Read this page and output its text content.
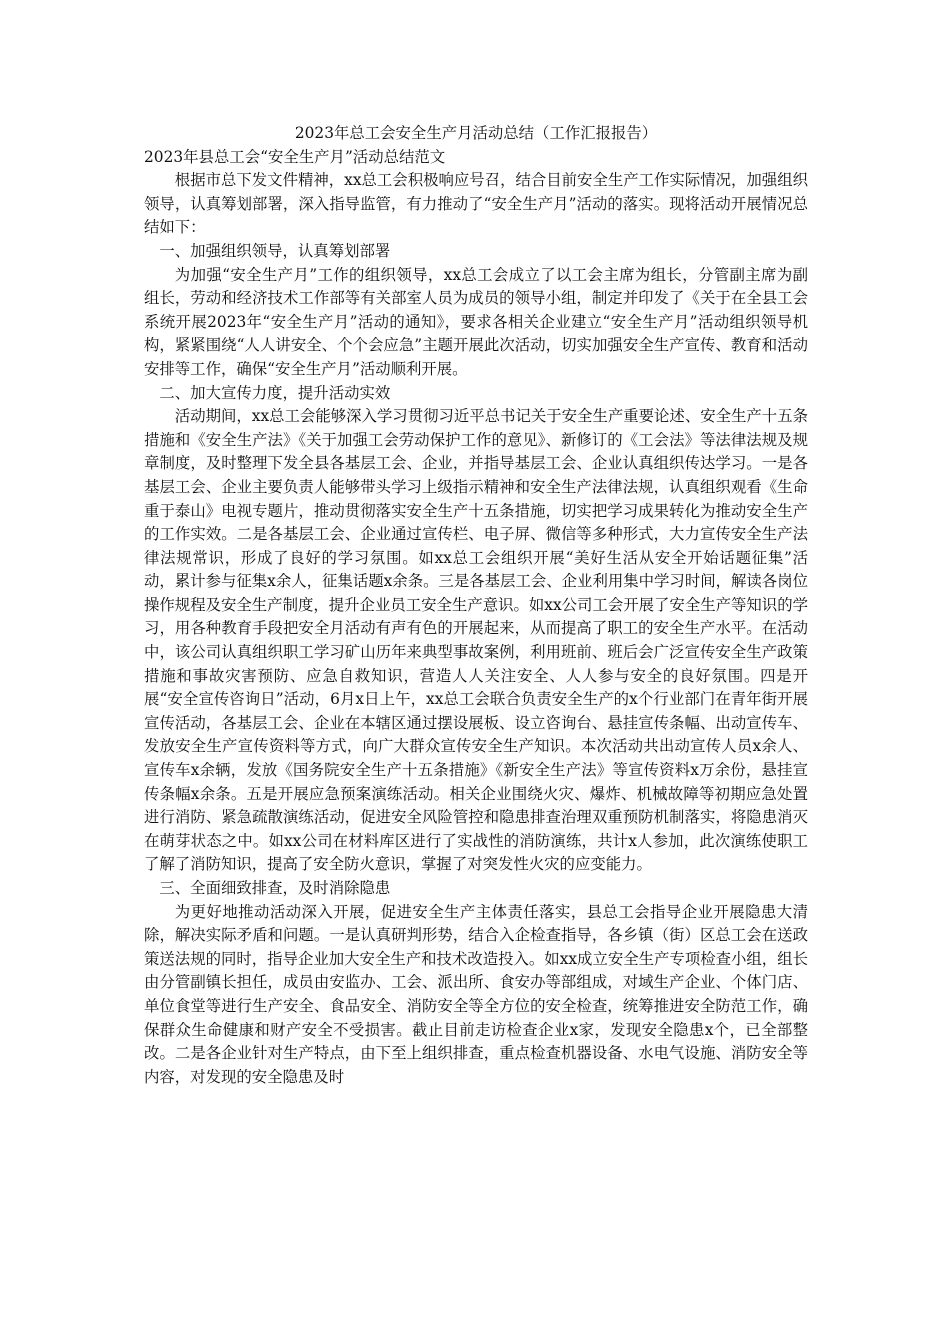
2023年总工会安全生产月活动总结（工作汇报报告）
2023年县总工会“安全生产月”活动总结范文

根据市总下发文件精神，xx总工会积极响应号召，结合目前安全生产工作实际情况，加强组织领导，认真筹划部署，深入指导监管，有力推动了“安全生产月”活动的落实。现将活动开展情况总结如下：

一、加强组织领导，认真筹划部署

为加强“安全生产月”工作的组织领导，xx总工会成立了以工会主席为组长，分管副主席为副组长，劳动和经济技术工作部等有关部室人员为成员的领导小组，制定并印发了《关于在全县工会系统开展2023年“安全生产月”活动的通知》，要求各相关企业建立“安全生产月”活动组织领导机构，紧紧围绕“人人讲安全、个个会应急”主题开展此次活动，切实加强安全生产宣传、教育和活动安排等工作，确保“安全生产月”活动顺利开展。

二、加大宣传力度，提升活动实效

活动期间，xx总工会能够深入学习贯彻习近平总书记关于安全生产重要论述、安全生产十五条措施和《安全生产法》《关于加强工会劳动保护工作的意见》、新修订的《工会法》等法律法规及规章制度，及时整理下发全县各基层工会、企业，并指导基层工会、企业认真组织传达学习。一是各基层工会、企业主要负责人能够带头学习上级指示精神和安全生产法律法规，认真组织观看《生命重于泰山》电视专题片，推动贯彻落实安全生产十五条措施，切实把学习成果转化为推动安全生产的工作实效。二是各基层工会、企业通过宣传栏、电子屏、微信等多种形式，大力宣传安全生产法律法规常识，形成了良好的学习氛围。如xx总工会组织开展“美好生活从安全开始话题征集”活动，累计参与征集x余人，征集话题x余条。三是各基层工会、企业利用集中学习时间，解读各岗位操作规程及安全生产制度，提升企业员工安全生产意识。如xx公司工会开展了安全生产等知识的学习，用各种教育手段把安全月活动有声有色的开展起来，从而提高了职工的安全生产水平。在活动中，该公司认真组织职工学习矿山历年来典型事故案例，利用班前、班后会广泛宣传安全生产政策措施和事故灾害预防、应急自救知识，营造人人关注安全、人人参与安全的良好氛围。四是开展“安全宣传咨询日”活动，6月x日上午，xx总工会联合负责安全生产的x个行业部门在青年街开展宣传活动，各基层工会、企业在本辖区通过摆设展板、设立咨询台、悬挂宣传条幅、出动宣传车、发放安全生产宣传资料等方式，向广大群众宣传安全生产知识。本次活动共出动宣传人员x余人、宣传车x余辆，发放《国务院安全生产十五条措施》《新安全生产法》等宣传资料x万余份，悬挂宣传条幅x余条。五是开展应急预案演练活动。相关企业围绕火灾、爆炸、机械故障等初期应急处置进行消防、紧急疏散演练活动，促进安全风险管控和隐患排查治理双重预防机制落实，将隐患消灭在萌芽状态之中。如xx公司在材料库区进行了实战性的消防演练，共计x人参加，此次演练使职工了解了消防知识，提高了安全防火意识，掌握了对突发性火灾的应变能力。

三、全面细致排查，及时消除隐患

为更好地推动活动深入开展，促进安全生产主体责任落实，县总工会指导企业开展隐患大清除，解决实际矛盾和问题。一是认真研判形势，结合入企检查指导，各乡镇（街）区总工会在送政策送法规的同时，指导企业加大安全生产和技术改造投入。如xx成立安全生产专项检查小组，组长由分管副镇长担任，成员由安监办、工会、派出所、食安办等部组成，对域生产企业、个体门店、单位食堂等进行生产安全、食品安全、消防安全等全方位的安全检查，统筹推进安全防范工作，确保群众生命健康和财产安全不受损害。截止目前走访检查企业x家，发现安全隐患x个，已全部整改。二是各企业针对生产特点，由下至上组织排查，重点检查机器设备、水电气设施、消防安全等内容，对发现的安全隐患及时
